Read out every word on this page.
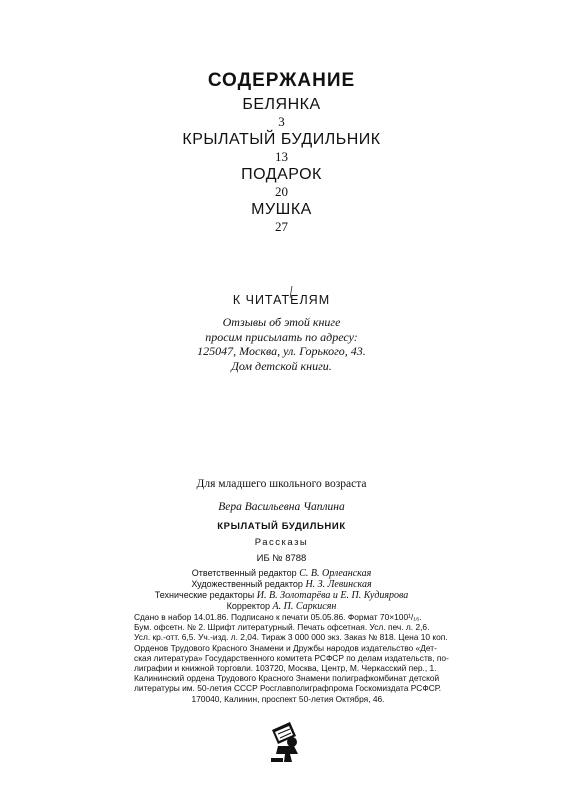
СОДЕРЖАНИЕ
БЕЛЯНКА
3
КРЫЛАТЫЙ БУДИЛЬНИК
13
ПОДАРОК
20
МУШКА
27
К ЧИТАТЕЛЯМ
Отзывы об этой книге
просим присылать по адресу:
125047, Москва, ул. Горького, 43.
Дом детской книги.
Для младшего школьного возраста
Вера Васильевна Чаплина
КРЫЛАТЫЙ БУДИЛЬНИК
Рассказы
ИБ № 8788
Ответственный редактор С. В. Орлеанская
Художественный редактор Н. З. Левинская
Технические редакторы И. В. Золотарёва и Е. П. Кудиярова
Корректор А. П. Саркисян
Сдано в набор 14.01.86. Подписано к печати 05.05.86. Формат 70×100¹/₁₆.
Бум. офсетн. № 2. Шрифт литературный. Печать офсетная. Усл. печ. л. 2,6.
Усл. кр.-отт. 6,5. Уч.-изд. л. 2,04. Тираж 3 000 000 экз. Заказ № 818. Цена 10 коп.
Орденов Трудового Красного Знамени и Дружбы народов издательство «Дет-
ская литература» Государственного комитета РСФСР по делам издательств, по-
лиграфии и книжной торговли. 103720, Москва, Центр, М. Черкасский пер., 1.
Калининский ордена Трудового Красного Знамени полиграфкомбинат детской
литературы им. 50-летия СССР Росглавполиграфпрома Госкомиздата РСФСР.
170040, Калинин, проспект 50-летия Октября, 46.
